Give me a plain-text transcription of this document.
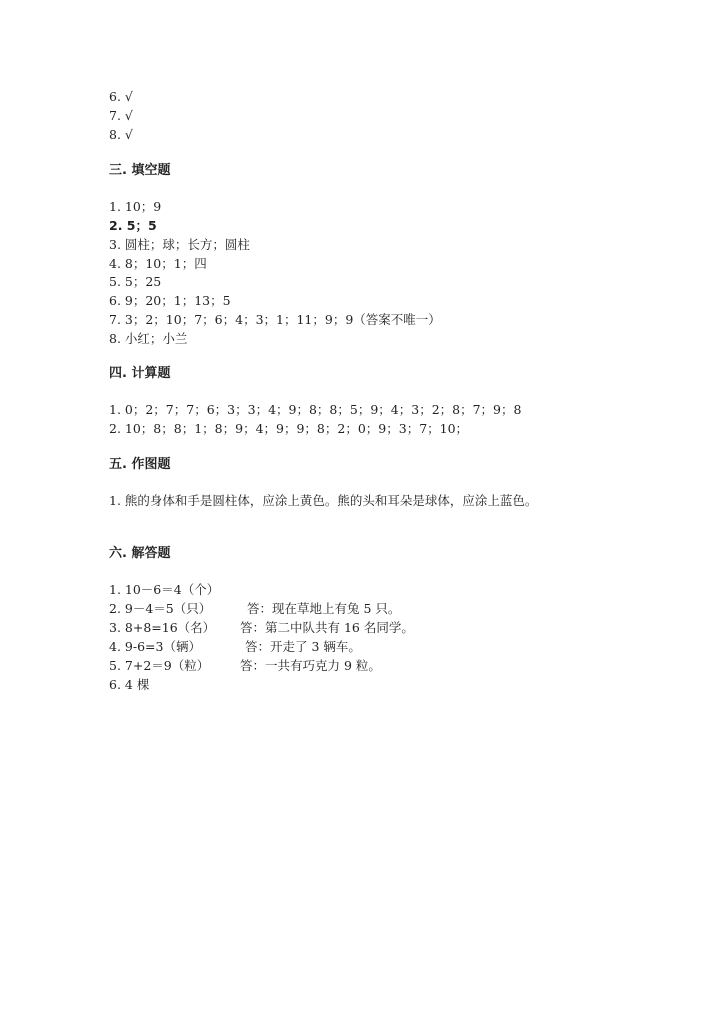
6. √
7. √
8. √
三. 填空题
1. 10；9
2. 5；5
3. 圆柱；球；长方；圆柱
4. 8；10；1；四
5. 5；25
6. 9；20；1；13；5
7. 3；2；10；7；6；4；3；1；11；9；9（答案不唯一）
8. 小红；小兰
四. 计算题
1. 0；2；7；7；6；3；3；4；9；8；8；5；9；4；3；2；8；7；9；8
2. 10；8；8；1；8；9；4；9；9；8；2；0；9；3；7；10；
五. 作图题
1. 熊的身体和手是圆柱体，应涂上黄色。熊的头和耳朵是球体，应涂上蓝色。
六. 解答题
1. 10－6＝4（个）
2. 9－4＝5（只）	答：现在草地上有兔 5 只。
3. 8+8=16（名） 答：第二中队共有 16 名同学。
4. 9-6=3（辆）	答：开走了 3 辆车。
5. 7+2＝9（粒） 答：一共有巧克力 9 粒。
6. 4 棵
